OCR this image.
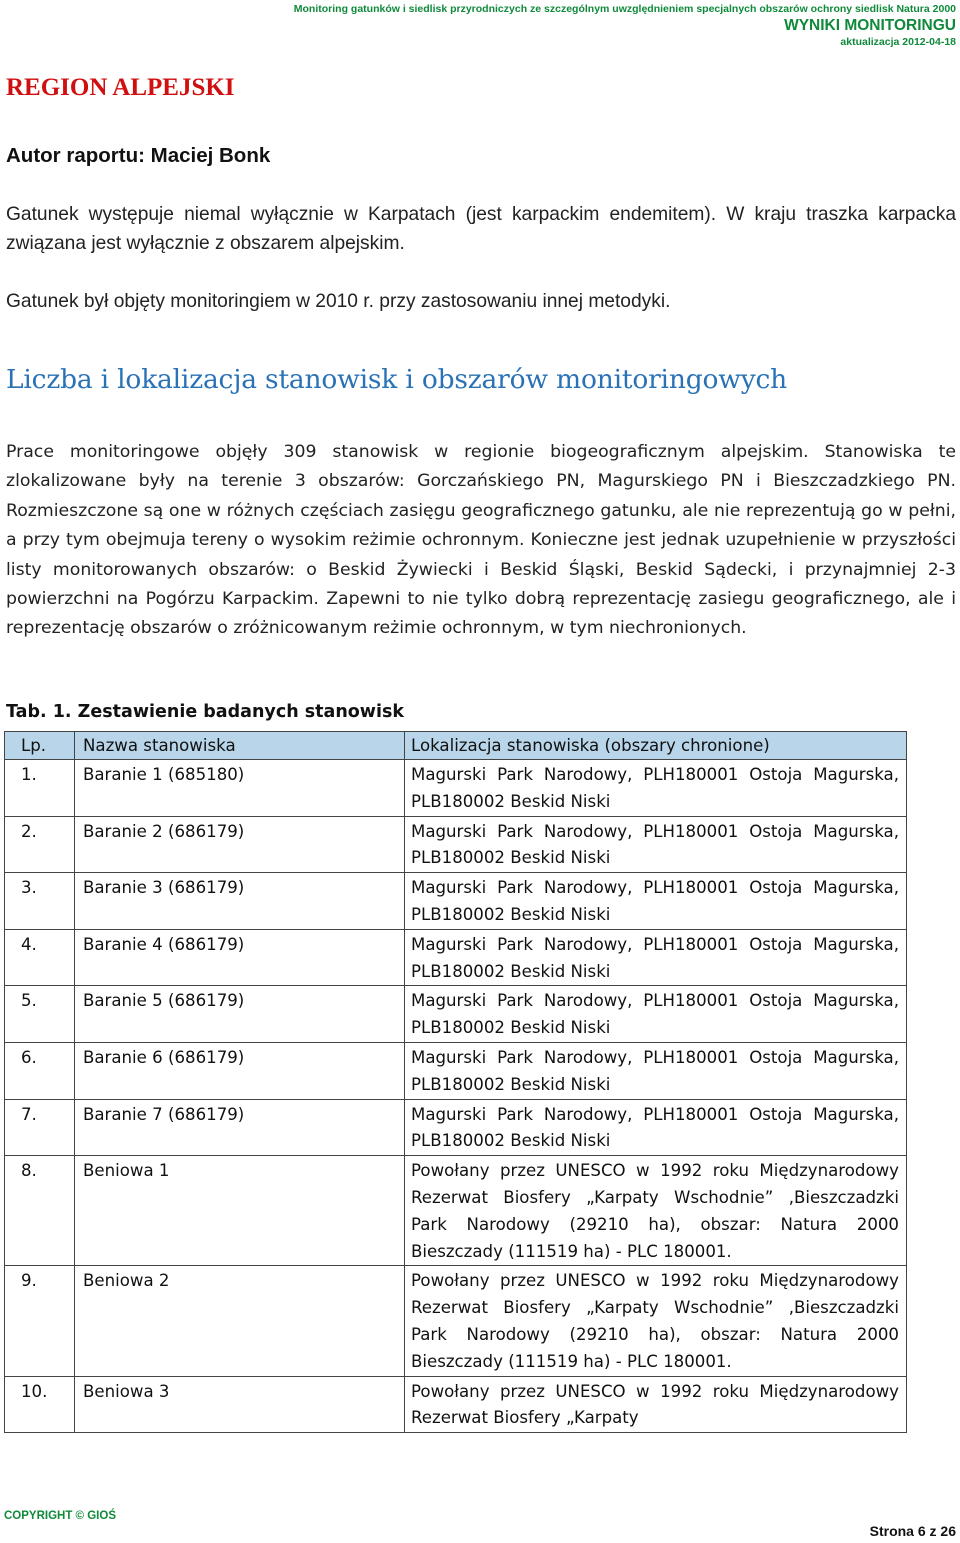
Monitoring gatunków i siedlisk przyrodniczych ze szczególnym uwzględnieniem specjalnych obszarów ochrony siedlisk Natura 2000
WYNIKI MONITORINGU
aktualizacja 2012-04-18
REGION ALPEJSKI
Autor raportu: Maciej Bonk
Gatunek występuje niemal wyłącznie w Karpatach (jest karpackim endemitem). W kraju traszka karpacka związana jest wyłącznie z obszarem alpejskim.
Gatunek był objęty monitoringiem w 2010 r. przy zastosowaniu innej metodyki.
Liczba i lokalizacja stanowisk i obszarów monitoringowych
Prace monitoringowe objęły 309 stanowisk w regionie biogeograficznym alpejskim. Stanowiska te zlokalizowane były na terenie 3 obszarów: Gorczańskiego PN, Magurskiego PN i Bieszczadzkiego PN. Rozmieszczone są one w różnych częściach zasięgu geograficznego gatunku, ale nie reprezentują go w pełni, a przy tym obejmuja tereny o wysokim reżimie ochronnym. Konieczne jest jednak uzupełnienie w przyszłości listy monitorowanych obszarów: o Beskid Żywiecki i Beskid Śląski, Beskid Sądecki, i przynajmniej 2-3 powierzchni na Pogórzu Karpackim. Zapewni to nie tylko dobrą reprezentację zasiegu geograficznego, ale i reprezentację obszarów o zróżnicowanym reżimie ochronnym, w tym niechronionych.
Tab. 1. Zestawienie badanych stanowisk
Lp.	Nazwa stanowiska	Lokalizacja stanowiska (obszary chronione)
1.	Baranie 1 (685180)	Magurski Park Narodowy, PLH180001 Ostoja Magurska, PLB180002 Beskid Niski
2.	Baranie 2 (686179)	Magurski Park Narodowy, PLH180001 Ostoja Magurska, PLB180002 Beskid Niski
3.	Baranie 3 (686179)	Magurski Park Narodowy, PLH180001 Ostoja Magurska, PLB180002 Beskid Niski
4.	Baranie 4 (686179)	Magurski Park Narodowy, PLH180001 Ostoja Magurska, PLB180002 Beskid Niski
5.	Baranie 5 (686179)	Magurski Park Narodowy, PLH180001 Ostoja Magurska, PLB180002 Beskid Niski
6.	Baranie 6 (686179)	Magurski Park Narodowy, PLH180001 Ostoja Magurska, PLB180002 Beskid Niski
7.	Baranie 7 (686179)	Magurski Park Narodowy, PLH180001 Ostoja Magurska, PLB180002 Beskid Niski
8.	Beniowa 1	Powołany przez UNESCO w 1992 roku Międzynarodowy Rezerwat Biosfery „Karpaty Wschodnie” ,Bieszczadzki Park Narodowy (29210 ha), obszar: Natura 2000 Bieszczady (111519 ha) - PLC 180001.
9.	Beniowa 2	Powołany przez UNESCO w 1992 roku Międzynarodowy Rezerwat Biosfery „Karpaty Wschodnie” ,Bieszczadzki Park Narodowy (29210 ha), obszar: Natura 2000 Bieszczady (111519 ha) - PLC 180001.
10.	Beniowa 3	Powołany przez UNESCO w 1992 roku Międzynarodowy Rezerwat Biosfery „Karpaty
COPYRIGHT © GIOŚ
Strona 6 z 26
